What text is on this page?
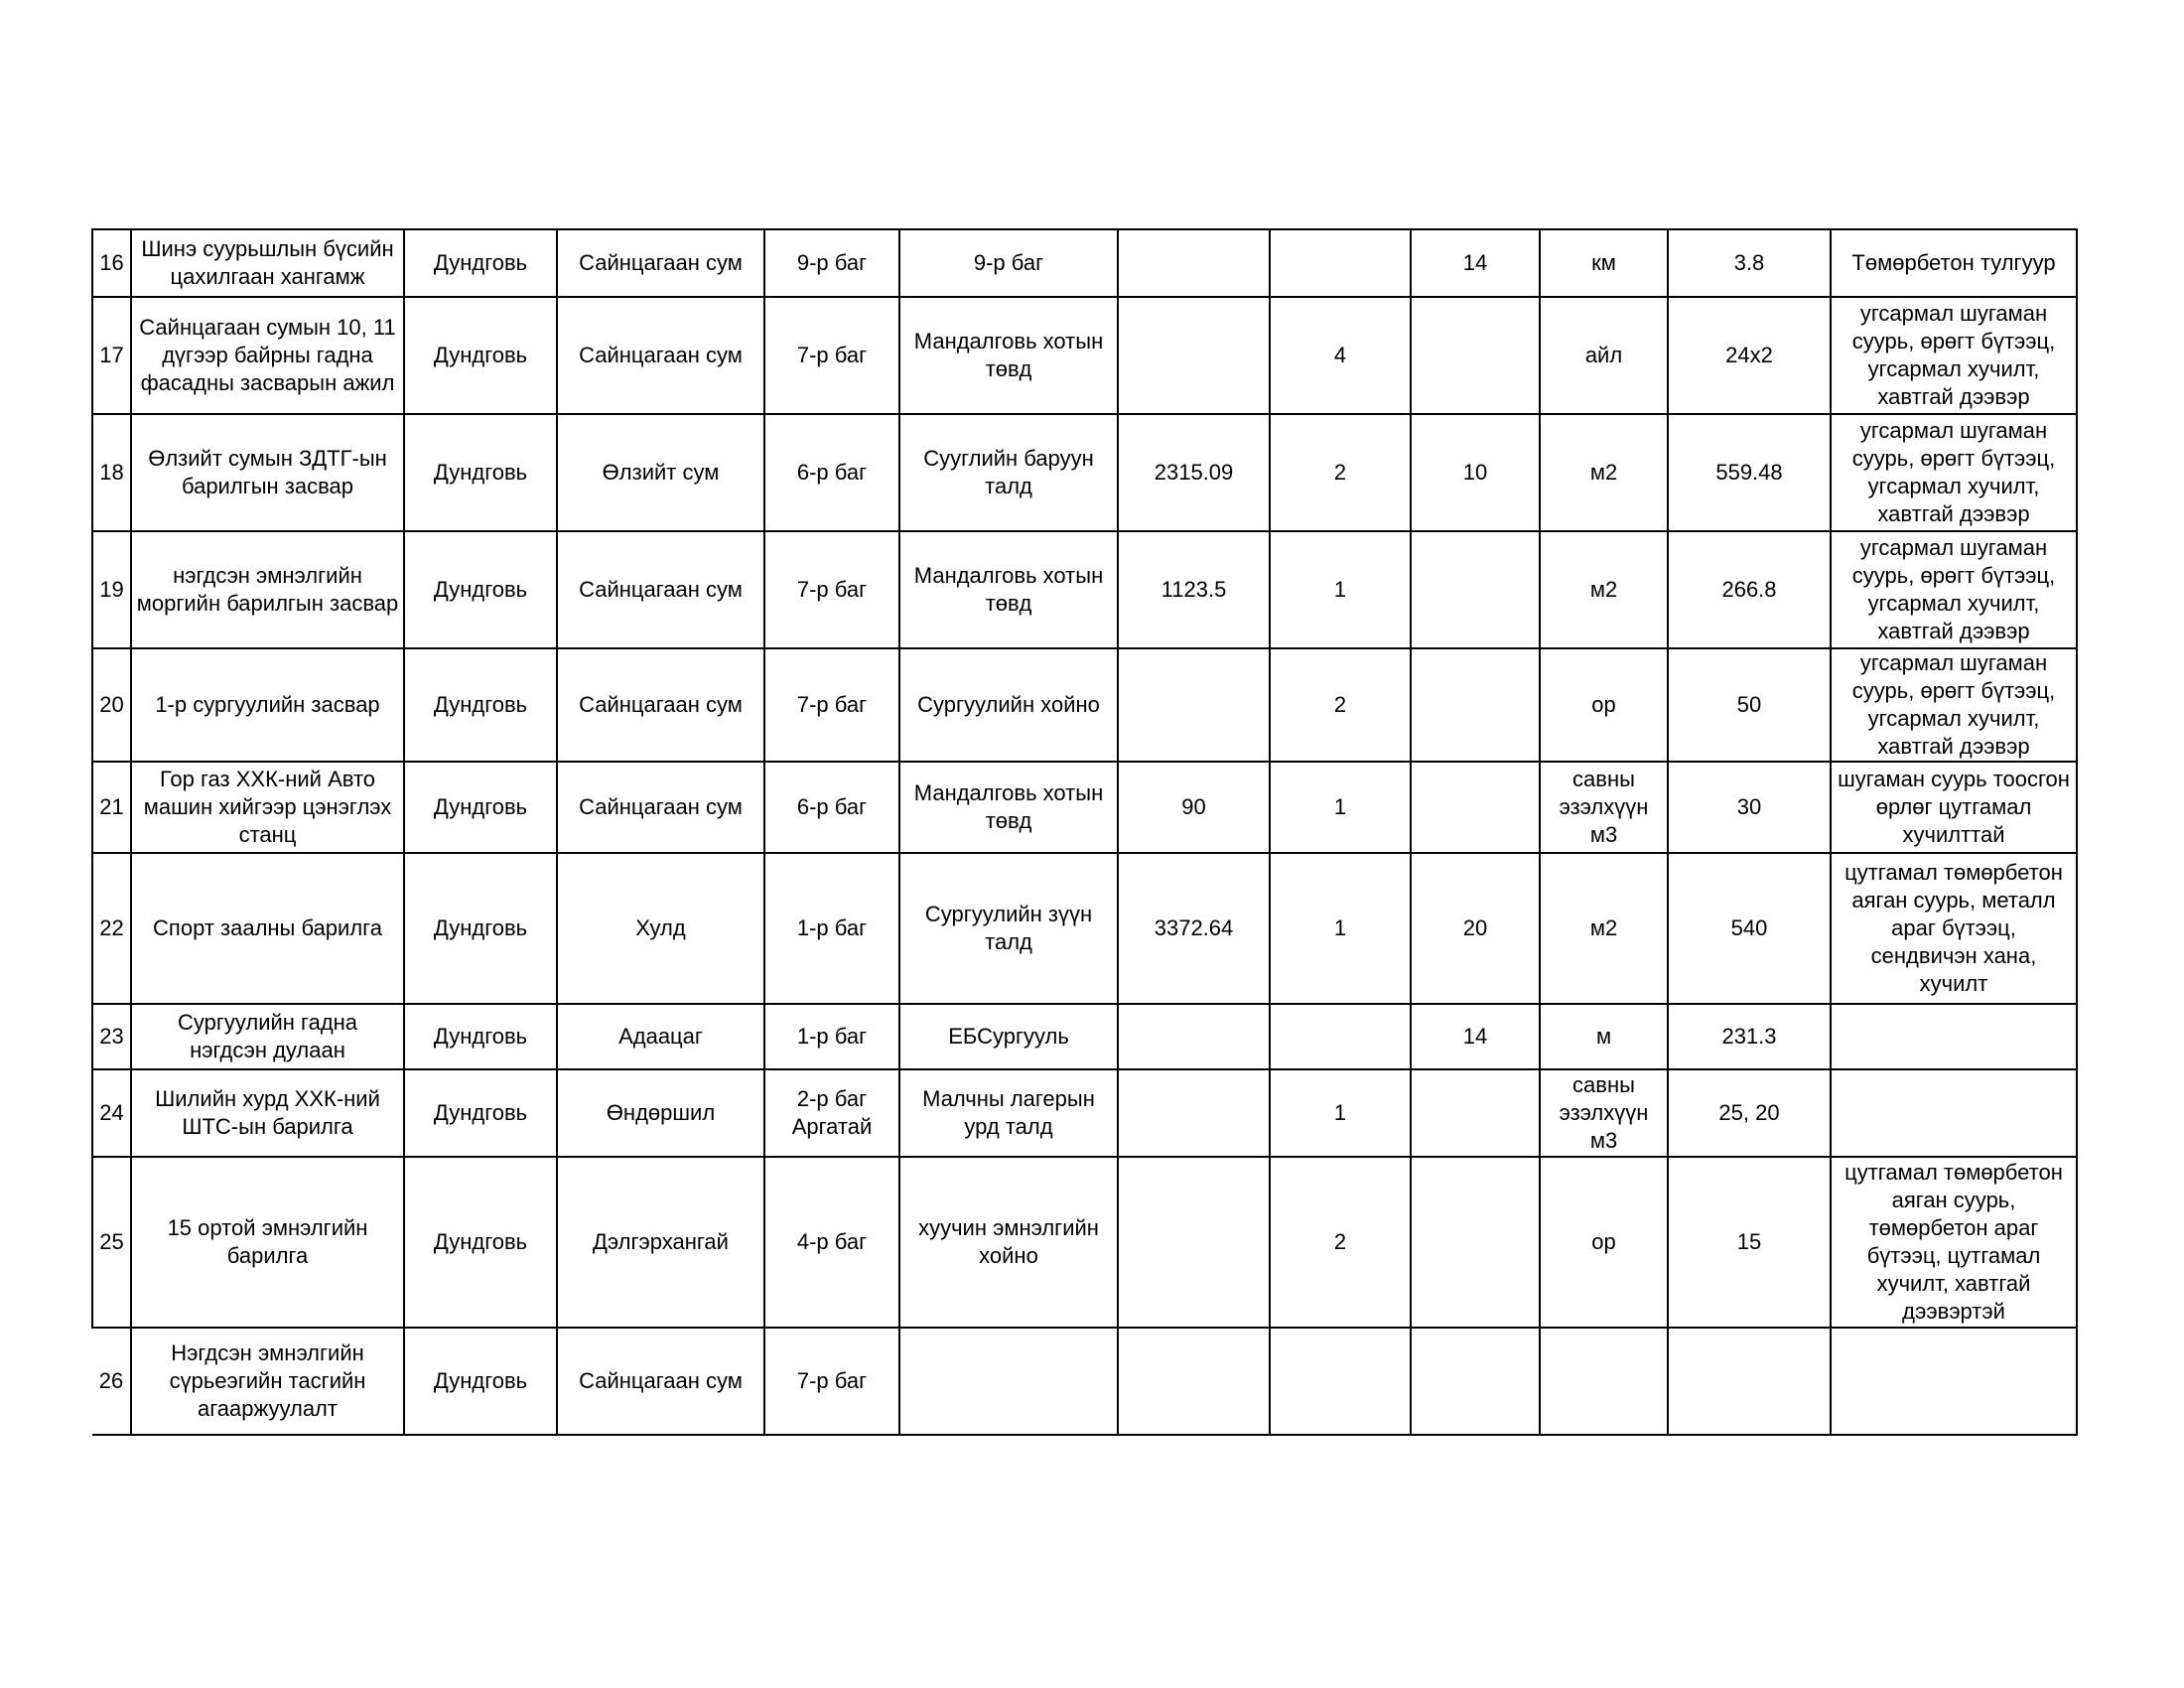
16	Шинэ суурьшлын бүсийн цахилгаан хангамж	Дундговь	Сайнцагаан сум	9-р баг	9-р баг			14	км	3.8	Төмөрбетон тулгуур
17	Сайнцагаан сумын 10, 11 дүгээр байрны гадна фасадны засварын ажил	Дундговь	Сайнцагаан сум	7-р баг	Мандалговь хотын төвд		4		айл	24х2	угсармал шугаман суурь, өрөгт бүтээц, угсармал хучилт, хавтгай дээвэр
18	Өлзийт сумын ЗДТГ-ын барилгын засвар	Дундговь	Өлзийт сум	6-р баг	Сууглийн баруун талд	2315.09	2	10	м2	559.48	угсармал шугаман суурь, өрөгт бүтээц, угсармал хучилт, хавтгай дээвэр
19	нэгдсэн эмнэлгийн моргийн барилгын засвар	Дундговь	Сайнцагаан сум	7-р баг	Мандалговь хотын төвд	1123.5	1		м2	266.8	угсармал шугаман суурь, өрөгт бүтээц, угсармал хучилт, хавтгай дээвэр
20	1-р сургуулийн засвар	Дундговь	Сайнцагаан сум	7-р баг	Сургуулийн хойно		2		ор	50	угсармал шугаман суурь, өрөгт бүтээц, угсармал хучилт, хавтгай дээвэр
21	Гор газ ХХК-ний Авто машин хийгээр цэнэглэх станц	Дундговь	Сайнцагаан сум	6-р баг	Мандалговь хотын төвд	90	1		савны эзэлхүүн м3	30	шугаман суурь тоосгон өрлөг цутгамал хучилттай
22	Спорт заалны барилга	Дундговь	Хулд	1-р баг	Сургуулийн зүүн талд	3372.64	1	20	м2	540	цутгамал төмөрбетон аяган суурь, металл араг бүтээц, сендвичэн хана, хучилт
23	Сургуулийн гадна нэгдсэн дулаан	Дундговь	Адаацаг	1-р баг	ЕБСургууль			14	м	231.3	
24	Шилийн хурд ХХК-ний ШТС-ын барилга	Дундговь	Өндөршил	2-р баг Аргатай	Малчны лагерын урд талд		1		савны эзэлхүүн м3	25, 20	
25	15 ортой эмнэлгийн барилга	Дундговь	Дэлгэрхангай	4-р баг	хуучин эмнэлгийн хойно		2		ор	15	цутгамал төмөрбетон аяган суурь, төмөрбетон араг бүтээц, цутгамал хучилт, хавтгай дээвэртэй
26	Нэгдсэн эмнэлгийн сүрьеэгийн тасгийн агааржуулалт	Дундговь	Сайнцагаан сум	7-р баг							
